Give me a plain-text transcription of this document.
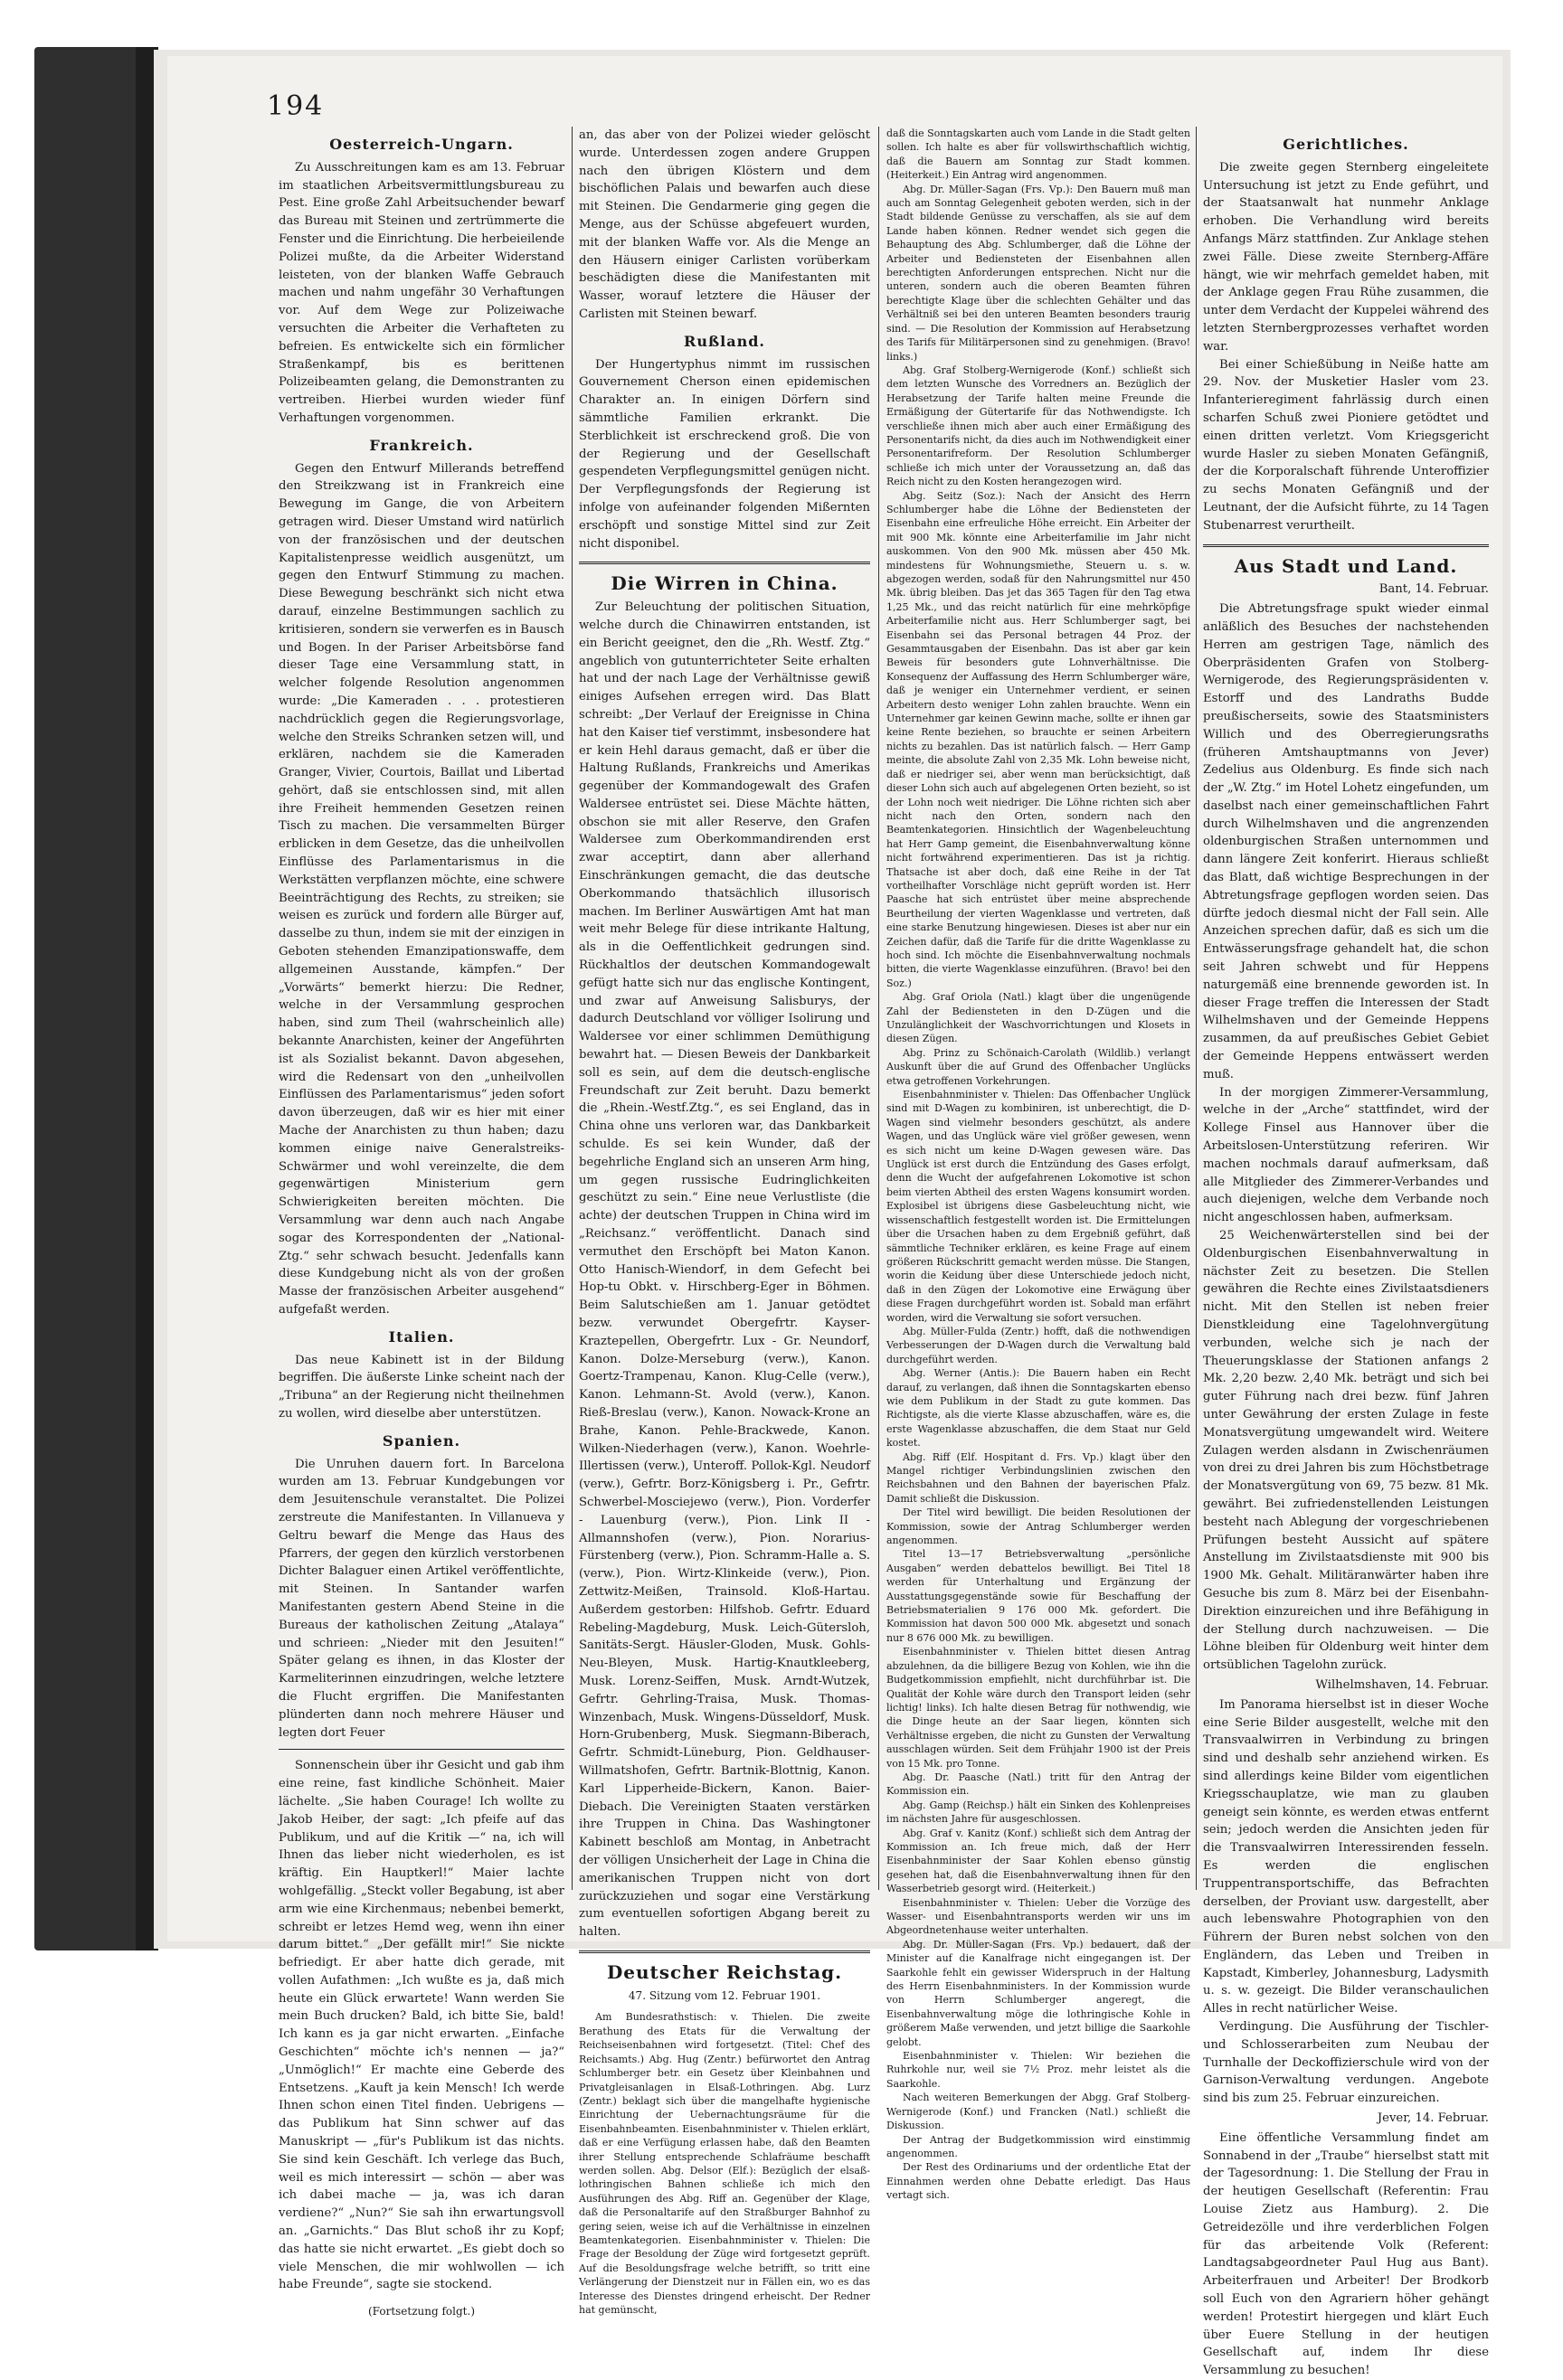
194
Oesterreich-Ungarn.

Zu Ausschreitungen kam es am 13. Februar im staatlichen Arbeitsvermittlungsbureau zu Pest. Eine große Zahl Arbeitsuchender bewarf das Bureau mit Steinen und zertrümmerte die Fenster und die Einrichtung. Die herbeieilende Polizei mußte, da die Arbeiter Widerstand leisteten, von der blanken Waffe Gebrauch machen und nahm ungefähr 30 Verhaftungen vor. Auf dem Wege zur Polizeiwache versuchten die Arbeiter die Verhafteten zu befreien. Es entwickelte sich ein förmlicher Straßenkampf, bis es berittenen Polizeibeamten gelang, die Demonstranten zu vertreiben. Hierbei wurden wieder fünf Verhaftungen vorgenommen.

Frankreich.

Gegen den Entwurf Millerands betreffend den Streikzwang ist in Frankreich eine Bewegung im Gange, die von Arbeitern getragen wird. Dieser Umstand wird natürlich von der französischen und der deutschen Kapitalistenpresse weidlich ausgenützt, um gegen den Entwurf Stimmung zu machen. Diese Bewegung beschränkt sich nicht etwa darauf, einzelne Bestimmungen sachlich zu kritisieren, sondern sie verwerfen es in Bausch und Bogen. In der Pariser Arbeitsbörse fand dieser Tage eine Versammlung statt, in welcher folgende Resolution angenommen wurde: „Die Kameraden . . . protestieren nachdrücklich gegen die Regierungsvorlage, welche den Streiks Schranken setzen will, und erklären, nachdem sie die Kameraden Granger, Vivier, Courtois, Baillat und Libertad gehört, daß sie entschlossen sind, mit allen ihre Freiheit hemmenden Gesetzen reinen Tisch zu machen. Die versammelten Bürger erblicken in dem Gesetze, das die unheilvollen Einflüsse des Parlamentarismus in die Werkstätten verpflanzen möchte, eine schwere Beeinträchtigung des Rechts, zu streiken; sie weisen es zurück und fordern alle Bürger auf, dasselbe zu thun, indem sie mit der einzigen in Geboten stehenden Emanzipationswaffe, dem allgemeinen Ausstande, kämpfen.“ Der „Vorwärts“ bemerkt hierzu: Die Redner, welche in der Versammlung gesprochen haben, sind zum Theil (wahrscheinlich alle) bekannte Anarchisten, keiner der Angeführten ist als Sozialist bekannt. Davon abgesehen, wird die Redensart von den „unheilvollen Einflüssen des Parlamentarismus“ jeden sofort davon überzeugen, daß wir es hier mit einer Mache der Anarchisten zu thun haben; dazu kommen einige naive Generalstreiks-Schwärmer und wohl vereinzelte, die dem gegenwärtigen Ministerium gern Schwierigkeiten bereiten möchten. Die Versammlung war denn auch nach Angabe sogar des Korrespondenten der „National-Ztg.“ sehr schwach besucht. Jedenfalls kann diese Kundgebung nicht als von der großen Masse der französischen Arbeiter ausgehend“ aufgefaßt werden.

Italien.

Das neue Kabinett ist in der Bildung begriffen. Die äußerste Linke scheint nach der „Tribuna“ an der Regierung nicht theilnehmen zu wollen, wird dieselbe aber unterstützen.

Spanien.

Die Unruhen dauern fort. In Barcelona wurden am 13. Februar Kundgebungen vor dem Jesuitenschule veranstaltet. Die Polizei zerstreute die Manifestanten. In Villanueva y Geltru bewarf die Menge das Haus des Pfarrers, der gegen den kürzlich verstorbenen Dichter Balaguer einen Artikel veröffentlichte, mit Steinen. In Santander warfen Manifestanten gestern Abend Steine in die Bureaus der katholischen Zeitung „Atalaya“ und schrieen: „Nieder mit den Jesuiten!“ Später gelang es ihnen, in das Kloster der Karmeliterinnen einzudringen, welche letztere die Flucht ergriffen. Die Manifestanten plünderten dann noch mehrere Häuser und legten dort Feuer

Sonnenschein über ihr Gesicht und gab ihm eine reine, fast kindliche Schönheit. Maier lächelte. „Sie haben Courage! Ich wollte zu Jakob Heiber, der sagt: „Ich pfeife auf das Publikum, und auf die Kritik —“ na, ich will Ihnen das lieber nicht wiederholen, es ist kräftig. Ein Hauptkerl!“ Maier lachte wohlgefällig. „Steckt voller Begabung, ist aber arm wie eine Kirchenmaus; nebenbei bemerkt, schreibt er letzes Hemd weg, wenn ihn einer darum bittet.“ „Der gefällt mir!“ Sie nickte befriedigt. Er aber hatte dich gerade, mit vollen Aufathmen: „Ich wußte es ja, daß mich heute ein Glück erwartete! Wann werden Sie mein Buch drucken? Bald, ich bitte Sie, bald! Ich kann es ja gar nicht erwarten. „Einfache Geschichten“ möchte ich's nennen — ja?“ „Unmöglich!“ Er machte eine Geberde des Entsetzens. „Kauft ja kein Mensch! Ich werde Ihnen schon einen Titel finden. Uebrigens — das Publikum hat Sinn schwer auf das Manuskript — „für's Publikum ist das nichts. Sie sind kein Geschäft. Ich verlege das Buch, weil es mich interessirt — schön — aber was ich dabei mache — ja, was ich daran verdiene?“ „Nun?“ Sie sah ihn erwartungsvoll an. „Garnichts.“ Das Blut schoß ihr zu Kopf; das hatte sie nicht erwartet. „Es giebt doch so viele Menschen, die mir wohlwollen — ich habe Freunde“, sagte sie stockend.

(Fortsetzung folgt.)

an, das aber von der Polizei wieder gelöscht wurde. Unterdessen zogen andere Gruppen nach den übrigen Klöstern und dem bischöflichen Palais und bewarfen auch diese mit Steinen. Die Gendarmerie ging gegen die Menge, aus der Schüsse abgefeuert wurden, mit der blanken Waffe vor. Als die Menge an den Häusern einiger Carlisten vorüberkam beschädigten diese die Manifestanten mit Wasser, worauf letztere die Häuser der Carlisten mit Steinen bewarf.

Rußland.

Der Hungertyphus nimmt im russischen Gouvernement Cherson einen epidemischen Charakter an. In einigen Dörfern sind sämmtliche Familien erkrankt. Die Sterblichkeit ist erschreckend groß. Die von der Regierung und der Gesellschaft gespendeten Verpflegungsmittel genügen nicht. Der Verpflegungsfonds der Regierung ist infolge von aufeinander folgenden Mißernten erschöpft und sonstige Mittel sind zur Zeit nicht disponibel.

Die Wirren in China.

Zur Beleuchtung der politischen Situation, welche durch die Chinawirren entstanden, ist ein Bericht geeignet, den die „Rh. Westf. Ztg.“ angeblich von gutunterrichteter Seite erhalten hat und der nach Lage der Verhältnisse gewiß einiges Aufsehen erregen wird. Das Blatt schreibt: „Der Verlauf der Ereignisse in China hat den Kaiser tief verstimmt, insbesondere hat er kein Hehl daraus gemacht, daß er über die Haltung Rußlands, Frankreichs und Amerikas gegenüber der Kommandogewalt des Grafen Waldersee entrüstet sei. Diese Mächte hätten, obschon sie mit aller Reserve, den Grafen Waldersee zum Oberkommandirenden erst zwar acceptirt, dann aber allerhand Einschränkungen gemacht, die das deutsche Oberkommando thatsächlich illusorisch machen. Im Berliner Auswärtigen Amt hat man weit mehr Belege für diese intrikante Haltung, als in die Oeffentlichkeit gedrungen sind. Rückhaltlos der deutschen Kommandogewalt gefügt hatte sich nur das englische Kontingent, und zwar auf Anweisung Salisburys, der dadurch Deutschland vor völliger Isolirung und Waldersee vor einer schlimmen Demüthigung bewahrt hat. — Diesen Beweis der Dankbarkeit soll es sein, auf dem die deutsch-englische Freundschaft zur Zeit beruht. Dazu bemerkt die „Rhein.-Westf.Ztg.“, es sei England, das in China ohne uns verloren war, das Dankbarkeit schulde. Es sei kein Wunder, daß der begehrliche England sich an unseren Arm hing, um gegen russische Eudringlichkeiten geschützt zu sein.“ Eine neue Verlustliste (die achte) der deutschen Truppen in China wird im „Reichsanz.“ veröffentlicht. Danach sind vermuthet den Erschöpft bei Maton Kanon. Otto Hanisch-Wiendorf, in dem Gefecht bei Hop-tu Obkt. v. Hirschberg-Eger in Böhmen. Beim Salutschießen am 1. Januar getödtet bezw. verwundet Obergefrtr. Kayser-Kraztepellen, Obergefrtr. Lux - Gr. Neundorf, Kanon. Dolze-Merseburg (verw.), Kanon. Goertz-Trampenau, Kanon. Klug-Celle (verw.), Kanon. Lehmann-St. Avold (verw.), Kanon. Rieß-Breslau (verw.), Kanon. Nowack-Krone an Brahe, Kanon. Pehle-Brackwede, Kanon. Wilken-Niederhagen (verw.), Kanon. Woehrle-Illertissen (verw.), Unteroff. Pollok-Kgl. Neudorf (verw.), Gefrtr. Borz-Königsberg i. Pr., Gefrtr. Schwerbel-Mosciejewo (verw.), Pion. Vorderfer - Lauenburg (verw.), Pion. Link II - Allmannshofen (verw.), Pion. Norarius-Fürstenberg (verw.), Pion. Schramm-Halle a. S. (verw.), Pion. Wirtz-Klinkeide (verw.), Pion. Zettwitz-Meißen, Trainsold. Kloß-Hartau. Außerdem gestorben: Hilfshob. Gefrtr. Eduard Rebeling-Magdeburg, Musk. Leich-Gütersloh, Sanitäts-Sergt. Häusler-Gloden, Musk. Gohls-Neu-Bleyen, Musk. Hartig-Knautkleeberg, Musk. Lorenz-Seiffen, Musk. Arndt-Wutzek, Gefrtr. Gehrling-Traisa, Musk. Thomas-Winzenbach, Musk. Wingens-Düsseldorf, Musk. Horn-Grubenberg, Musk. Siegmann-Biberach, Gefrtr. Schmidt-Lüneburg, Pion. Geldhauser-Willmatshofen, Gefrtr. Bartnik-Blottnig, Kanon. Karl Lipperheide-Bickern, Kanon. Baier-Diebach. Die Vereinigten Staaten verstärken ihre Truppen in China. Das Washingtoner Kabinett beschloß am Montag, in Anbetracht der völligen Unsicherheit der Lage in China die amerikanischen Truppen nicht von dort zurückzuziehen und sogar eine Verstärkung zum eventuellen sofortigen Abgang bereit zu halten.

Deutscher Reichstag.
47. Sitzung vom 12. Februar 1901.

Am Bundesrathstisch: v. Thielen. Die zweite Berathung des Etats für die Verwaltung der Reichseisenbahnen wird fortgesetzt. (Titel: Chef des Reichsamts.) Abg. Hug (Zentr.) befürwortet den Antrag Schlumberger betr. ein Gesetz über Kleinbahnen und Privatgleisanlagen in Elsaß-Lothringen. Abg. Lurz (Zentr.) beklagt sich über die mangelhafte hygienische Einrichtung der Uebernachtungsräume für die Eisenbahnbeamten. Eisenbahnminister v. Thielen erklärt, daß er eine Verfügung erlassen habe, daß den Beamten ihrer Stellung entsprechende Schlafräume beschafft werden sollen. Abg. Delsor (Elf.): Bezüglich der elsaß-lothringischen Bahnen schließe ich mich den Ausführungen des Abg. Riff an. Gegenüber der Klage, daß die Personaltarife auf den Straßburger Bahnhof zu gering seien, weise ich auf die Verhältnisse in einzelnen Beamtenkategorien. Eisenbahnminister v. Thielen: Die Frage der Besoldung der Züge wird fortgesetzt geprüft. Auf die Besoldungsfrage welche betrifft, so tritt eine Verlängerung der Dienstzeit nur in Fällen ein, wo es das Interesse des Dienstes dringend erheischt. Der Redner hat gemünscht,

daß die Sonntagskarten auch vom Lande in die Stadt gelten sollen. Ich halte es aber für vollswirthschaftlich wichtig, daß die Bauern am Sonntag zur Stadt kommen. (Heiterkeit.) Ein Antrag wird angenommen.

Abg. Dr. Müller-Sagan (Frs. Vp.): Den Bauern muß man auch am Sonntag Gelegenheit geboten werden, sich in der Stadt bildende Genüsse zu verschaffen, als sie auf dem Lande haben können. Redner wendet sich gegen die Behauptung des Abg. Schlumberger, daß die Löhne der Arbeiter und Bediensteten der Eisenbahnen allen berechtigten Anforderungen entsprechen. Nicht nur die unteren, sondern auch die oberen Beamten führen berechtigte Klage über die schlechten Gehälter und das Verhältniß sei bei den unteren Beamten besonders traurig sind. — Die Resolution der Kommission auf Herabsetzung des Tarifs für Militärpersonen sind zu genehmigen. (Bravo! links.)

Abg. Graf Stolberg-Wernigerode (Konf.) schließt sich dem letzten Wunsche des Vorredners an. Bezüglich der Herabsetzung der Tarife halten meine Freunde die Ermäßigung der Gütertarife für das Nothwendigste. Ich verschließe ihnen mich aber auch einer Ermäßigung des Personentarifs nicht, da dies auch im Nothwendigkeit einer Personentarifreform. Der Resolution Schlumberger schließe ich mich unter der Voraussetzung an, daß das Reich nicht zu den Kosten herangezogen wird.

Abg. Seitz (Soz.): Nach der Ansicht des Herrn Schlumberger habe die Löhne der Bediensteten der Eisenbahn eine erfreuliche Höhe erreicht. Ein Arbeiter der mit 900 Mk. könnte eine Arbeiterfamilie im Jahr nicht auskommen. Von den 900 Mk. müssen aber 450 Mk. mindestens für Wohnungsmiethe, Steuern u. s. w. abgezogen werden, sodaß für den Nahrungsmittel nur 450 Mk. übrig bleiben. Das jet das 365 Tagen für den Tag etwa 1,25 Mk., und das reicht natürlich für eine mehrköpfige Arbeiterfamilie nicht aus. Herr Schlumberger sagt, bei Eisenbahn sei das Personal betragen 44 Proz. der Gesammtausgaben der Eisenbahn. Das ist aber gar kein Beweis für besonders gute Lohnverhältnisse. Die Konsequenz der Auffassung des Herrn Schlumberger wäre, daß je weniger ein Unternehmer verdient, er seinen Arbeitern desto weniger Lohn zahlen brauchte. Wenn ein Unternehmer gar keinen Gewinn mache, sollte er ihnen gar keine Rente beziehen, so brauchte er seinen Arbeitern nichts zu bezahlen. Das ist natürlich falsch. — Herr Gamp meinte, die absolute Zahl von 2,35 Mk. Lohn beweise nicht, daß er niedriger sei, aber wenn man berücksichtigt, daß dieser Lohn sich auch auf abgelegenen Orten bezieht, so ist der Lohn noch weit niedriger. Die Löhne richten sich aber nicht nach den Orten, sondern nach den Beamtenkategorien. Hinsichtlich der Wagenbeleuchtung hat Herr Gamp gemeint, die Eisenbahnverwaltung könne nicht fortwährend experimentieren. Das ist ja richtig. Thatsache ist aber doch, daß eine Reihe in der Tat vortheilhafter Vorschläge nicht geprüft worden ist. Herr Paasche hat sich entrüstet über meine absprechende Beurtheilung der vierten Wagenklasse und vertreten, daß eine starke Benutzung hingewiesen. Dieses ist aber nur ein Zeichen dafür, daß die Tarife für die dritte Wagenklasse zu hoch sind. Ich möchte die Eisenbahnverwaltung nochmals bitten, die vierte Wagenklasse einzuführen. (Bravo! bei den Soz.)

Abg. Graf Oriola (Natl.) klagt über die ungenügende Zahl der Bediensteten in den D-Zügen und die Unzulänglichkeit der Waschvorrichtungen und Klosets in diesen Zügen.

Abg. Prinz zu Schönaich-Carolath (Wildlib.) verlangt Auskunft über die auf Grund des Offenbacher Unglücks etwa getroffenen Vorkehrungen.

Eisenbahnminister v. Thielen: Das Offenbacher Unglück sind mit D-Wagen zu kombiniren, ist unberechtigt, die D-Wagen sind vielmehr besonders geschützt, als andere Wagen, und das Unglück wäre viel größer gewesen, wenn es sich nicht um keine D-Wagen gewesen wäre. Das Unglück ist erst durch die Entzündung des Gases erfolgt, denn die Wucht der aufgefahrenen Lokomotive ist schon beim vierten Abtheil des ersten Wagens konsumirt worden. Explosibel ist übrigens diese Gasbeleuchtung nicht, wie wissenschaftlich festgestellt worden ist. Die Ermittelungen über die Ursachen haben zu dem Ergebniß geführt, daß sämmtliche Techniker erklären, es keine Frage auf einem größeren Rückschritt gemacht werden müsse. Die Stangen, worin die Keidung über diese Unterschiede jedoch nicht, daß in den Zügen der Lokomotive eine Erwägung über diese Fragen durchgeführt worden ist. Sobald man erfährt worden, wird die Verwaltung sie sofort versuchen.

Abg. Müller-Fulda (Zentr.) hofft, daß die nothwendigen Verbesserungen der D-Wagen durch die Verwaltung bald durchgeführt werden.

Abg. Werner (Antis.): Die Bauern haben ein Recht darauf, zu verlangen, daß ihnen die Sonntagskarten ebenso wie dem Publikum in der Stadt zu gute kommen. Das Richtigste, als die vierte Klasse abzuschaffen, wäre es, die erste Wagenklasse abzuschaffen, die dem Staat nur Geld kostet.

Abg. Riff (Elf. Hospitant d. Frs. Vp.) klagt über den Mangel richtiger Verbindungslinien zwischen den Reichsbahnen und den Bahnen der bayerischen Pfalz. Damit schließt die Diskussion.

Der Titel wird bewilligt. Die beiden Resolutionen der Kommission, sowie der Antrag Schlumberger werden angenommen.

Titel 13—17 Betriebsverwaltung „persönliche Ausgaben“ werden debattelos bewilligt. Bei Titel 18 werden für Unterhaltung und Ergänzung der Ausstattungsgegenstände sowie für Beschaffung der Betriebsmaterialien 9 176 000 Mk. gefordert. Die Kommission hat davon 500 000 Mk. abgesetzt und sonach nur 8 676 000 Mk. zu bewilligen.

Eisenbahnminister v. Thielen bittet diesen Antrag abzulehnen, da die billigere Bezug von Kohlen, wie ihn die Budgetkommission empfiehlt, nicht durchführbar ist. Die Qualität der Kohle wäre durch den Transport leiden (sehr lichtig! links). Ich halte diesen Betrag für nothwendig, wie die Dinge heute an der Saar liegen, könnten sich Verhältnisse ergeben, die nicht zu Gunsten der Verwaltung ausschlagen würden. Seit dem Frühjahr 1900 ist der Preis von 15 Mk. pro Tonne.

Abg. Dr. Paasche (Natl.) tritt für den Antrag der Kommission ein.

Abg. Gamp (Reichsp.) hält ein Sinken des Kohlenpreises im nächsten Jahre für ausgeschlossen.

Abg. Graf v. Kanitz (Konf.) schließt sich dem Antrag der Kommission an. Ich freue mich, daß der Herr Eisenbahnminister der Saar Kohlen ebenso günstig gesehen hat, daß die Eisenbahnverwaltung ihnen für den Wasserbetrieb gesorgt wird. (Heiterkeit.)

Eisenbahnminister v. Thielen: Ueber die Vorzüge des Wasser- und Eisenbahntransports werden wir uns im Abgeordnetenhause weiter unterhalten.

Abg. Dr. Müller-Sagan (Frs. Vp.) bedauert, daß der Minister auf die Kanalfrage nicht eingegangen ist. Der Saarkohle fehlt ein gewisser Widerspruch in der Haltung des Herrn Eisenbahnministers. In der Kommission wurde von Herrn Schlumberger angeregt, die Eisenbahnverwaltung möge die lothringische Kohle in größerem Maße verwenden, und jetzt billige die Saarkohle gelobt.

Eisenbahnminister v. Thielen: Wir beziehen die Ruhrkohle nur, weil sie 7½ Proz. mehr leistet als die Saarkohle.

Nach weiteren Bemerkungen der Abgg. Graf Stolberg-Wernigerode (Konf.) und Francken (Natl.) schließt die Diskussion.

Der Antrag der Budgetkommission wird einstimmig angenommen.

Der Rest des Ordinariums und der ordentliche Etat der Einnahmen werden ohne Debatte erledigt. Das Haus vertagt sich.

Gerichtliches.

Die zweite gegen Sternberg eingeleitete Untersuchung ist jetzt zu Ende geführt, und der Staatsanwalt hat nunmehr Anklage erhoben. Die Verhandlung wird bereits Anfangs März stattfinden. Zur Anklage stehen zwei Fälle. Diese zweite Sternberg-Affäre hängt, wie wir mehrfach gemeldet haben, mit der Anklage gegen Frau Rühe zusammen, die unter dem Verdacht der Kuppelei während des letzten Sternbergprozesses verhaftet worden war.

Bei einer Schießübung in Neiße hatte am 29. Nov. der Musketier Hasler vom 23. Infanterieregiment fahrlässig durch einen scharfen Schuß zwei Pioniere getödtet und einen dritten verletzt. Vom Kriegsgericht wurde Hasler zu sieben Monaten Gefängniß, der die Korporalschaft führende Unteroffizier zu sechs Monaten Gefängniß und der Leutnant, der die Aufsicht führte, zu 14 Tagen Stubenarrest verurtheilt.

Aus Stadt und Land.
Bant, 14. Februar.

Die Abtretungsfrage spukt wieder einmal anläßlich des Besuches der nachstehenden Herren am gestrigen Tage, nämlich des Oberpräsidenten Grafen von Stolberg-Wernigerode, des Regierungspräsidenten v. Estorff und des Landraths Budde preußischerseits, sowie des Staatsministers Willich und des Oberregierungsraths (früheren Amtshauptmanns von Jever) Zedelius aus Oldenburg. Es finde sich nach der „W. Ztg.“ im Hotel Lohetz eingefunden, um daselbst nach einer gemeinschaftlichen Fahrt durch Wilhelmshaven und die angrenzenden oldenburgischen Straßen unternommen und dann längere Zeit konferirt. Hieraus schließt das Blatt, daß wichtige Besprechungen in der Abtretungsfrage gepflogen worden seien. Das dürfte jedoch diesmal nicht der Fall sein. Alle Anzeichen sprechen dafür, daß es sich um die Entwässerungsfrage gehandelt hat, die schon seit Jahren schwebt und für Heppens naturgemäß eine brennende geworden ist. In dieser Frage treffen die Interessen der Stadt Wilhelmshaven und der Gemeinde Heppens zusammen, da auf preußisches Gebiet Gebiet der Gemeinde Heppens entwässert werden muß.

In der morgigen Zimmerer-Versammlung, welche in der „Arche“ stattfindet, wird der Kollege Finsel aus Hannover über die Arbeitslosen-Unterstützung referiren. Wir machen nochmals darauf aufmerksam, daß alle Mitglieder des Zimmerer-Verbandes und auch diejenigen, welche dem Verbande noch nicht angeschlossen haben, aufmerksam.

25 Weichenwärterstellen sind bei der Oldenburgischen Eisenbahnverwaltung in nächster Zeit zu besetzen. Die Stellen gewähren die Rechte eines Zivilstaatsdieners nicht. Mit den Stellen ist neben freier Dienstkleidung eine Tagelohnvergütung verbunden, welche sich je nach der Theuerungsklasse der Stationen anfangs 2 Mk. 2,20 bezw. 2,40 Mk. beträgt und sich bei guter Führung nach drei bezw. fünf Jahren unter Gewährung der ersten Zulage in feste Monatsvergütung umgewandelt wird. Weitere Zulagen werden alsdann in Zwischenräumen von drei zu drei Jahren bis zum Höchstbetrage der Monatsvergütung von 69, 75 bezw. 81 Mk. gewährt. Bei zufriedenstellenden Leistungen besteht nach Ablegung der vorgeschriebenen Prüfungen besteht Aussicht auf spätere Anstellung im Zivilstaatsdienste mit 900 bis 1900 Mk. Gehalt. Militäranwärter haben ihre Gesuche bis zum 8. März bei der Eisenbahn-Direktion einzureichen und ihre Befähigung in der Stellung durch nachzuweisen. — Die Löhne bleiben für Oldenburg weit hinter dem ortsüblichen Tagelohn zurück.

Wilhelmshaven, 14. Februar.

Im Panorama hierselbst ist in dieser Woche eine Serie Bilder ausgestellt, welche mit den Transvaalwirren in Verbindung zu bringen sind und deshalb sehr anziehend wirken. Es sind allerdings keine Bilder vom eigentlichen Kriegsschauplatze, wie man zu glauben geneigt sein könnte, es werden etwas entfernt sein; jedoch werden die Ansichten jeden für die Transvaalwirren Interessirenden fesseln. Es werden die englischen Truppentransportschiffe, das Befrachten derselben, der Proviant usw. dargestellt, aber auch lebenswahre Photographien von den Führern der Buren nebst solchen von den Engländern, das Leben und Treiben in Kapstadt, Kimberley, Johannesburg, Ladysmith u. s. w. gezeigt. Die Bilder veranschaulichen Alles in recht natürlicher Weise.

Verdingung. Die Ausführung der Tischler- und Schlosserarbeiten zum Neubau der Turnhalle der Deckoffizierschule wird von der Garnison-Verwaltung verdungen. Angebote sind bis zum 25. Februar einzureichen.

Jever, 14. Februar.

Eine öffentliche Versammlung findet am Sonnabend in der „Traube“ hierselbst statt mit der Tagesordnung: 1. Die Stellung der Frau in der heutigen Gesellschaft (Referentin: Frau Louise Zietz aus Hamburg). 2. Die Getreidezölle und ihre verderblichen Folgen für das arbeitende Volk (Referent: Landtagsabgeordneter Paul Hug aus Bant). Arbeiterfrauen und Arbeiter! Der Brodkorb soll Euch von den Agrariern höher gehängt werden! Protestirt hiergegen und klärt Euch über Euere Stellung in der heutigen Gesellschaft auf, indem Ihr diese Versammlung zu besuchen!
